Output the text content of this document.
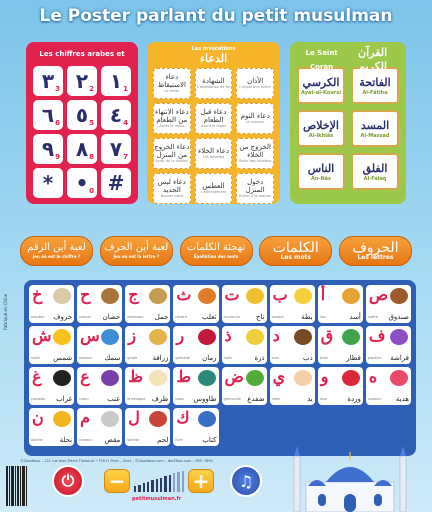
Le Poster parlant du petit musulman
Les chiffres arabes et
٣ 3 ٢ 2 ١ 1
٦ 6 ٥ 5 ٤ 4
٩ 9 ٨ 8 ٧ 7
* • 0 #
Les invocations
الدعاء
دعاء الاستيقاظ
Le réveil
الشهادة
L'attestation de foi
الأذان
L'appel à la prière
دعاء الانتهاء من الطعام
Après le repas
دعاء قبل الطعام
Avant le repas
دعاء النوم
Le coucher
دعاء الخروج من المنزل
Sortir de la maison
دعاء الخلاء
Les toilettes
الخروج من الخلاء
Sortir des toilettes
دعاء لبس الجديد
Nouvel habit
العطس
L'éternuement
دخول المنزل
Entrer à la maison
Le Saint Coran
القرآن الكريم
الكرسي
Ayat-al-Koursi
الفاتحة
Al-Fâtiha
الإخلاص
Al-Ikhlâs
المسد
Al-Massad
الناس
An-Nâs
الفلق
Al-Falaq
لعبة أين الرقم
Jeu où est le chiffre ?
لعبة أين الحرف
Jeu où est la lettre ?
تهجئة الكلمات
Épellation des mots
الكلمات
Les mots
الحروف
Les lettres
خ
mouton خروف
ح
cheval حصان
ج
chameau جمل
ث
renard ثعلب
ت
couronne تاج
ب
canard	بطة
أ
lion	أسد
ص
coffre صندوق
ش
soleil شمس
س
poisson سمك
ز
girafe زرافة
ر
grenade رمان
ذ
maïs	ذرة
د
ours	دب
ق
train	قطار
ف
papillon فراشة
غ
corbeau غراب
ع
raisin	عنب
ظ
enveloppe ظرف
ط
paon طاووس
ض
grenouille ضفدع
ي
main	يد
و
rose	وردة
ه
cadeau هدية
ن
abeille نحلة
م
ciseaux مقص
ل
viande	لحم
ك
livre	كتاب
©Goodtoys – 121 rue Jean-Pierre Timbaud • 75011 Paris – Siret – ©Goodtoys.com – Ibn4Toys.com – REF. 7894
Fabriqué en Chine
⏻ −	+
petitmusulman.fr
♫
